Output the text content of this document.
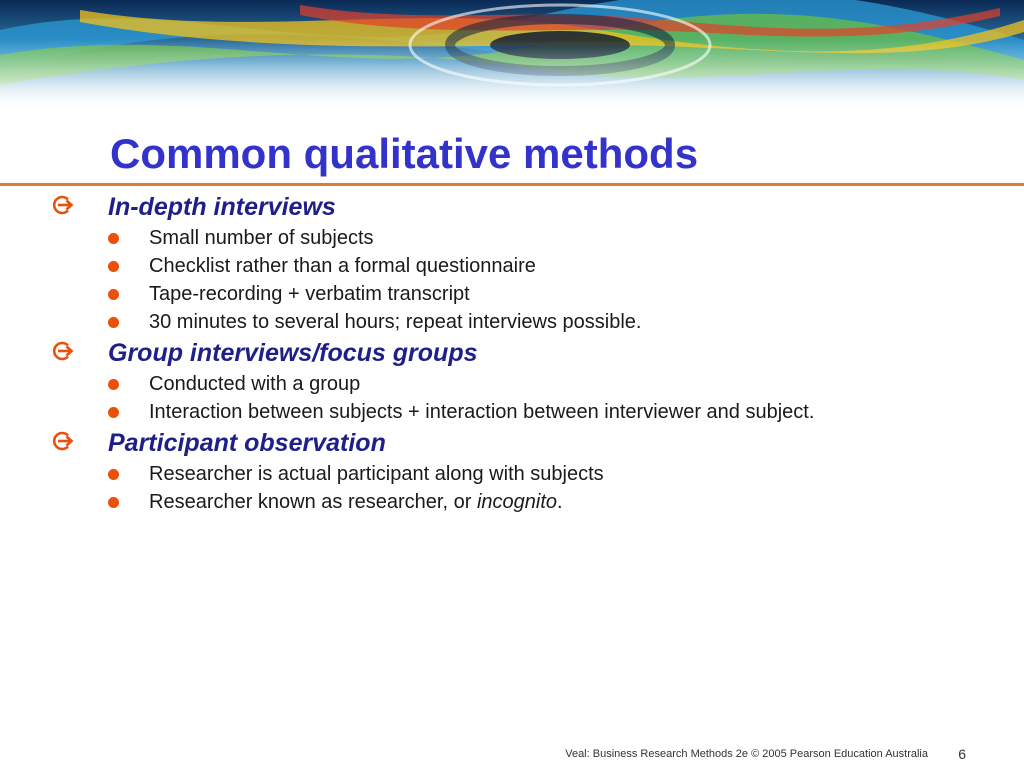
Common qualitative methods
In-depth interviews
Small number of subjects
Checklist rather than a formal questionnaire
Tape-recording + verbatim transcript
30 minutes to several hours; repeat interviews possible.
Group interviews/focus groups
Conducted with a group
Interaction between subjects + interaction between interviewer and subject.
Participant observation
Researcher is actual participant along with subjects
Researcher known as researcher, or incognito.
Veal: Business Research Methods 2e © 2005 Pearson Education Australia 6
